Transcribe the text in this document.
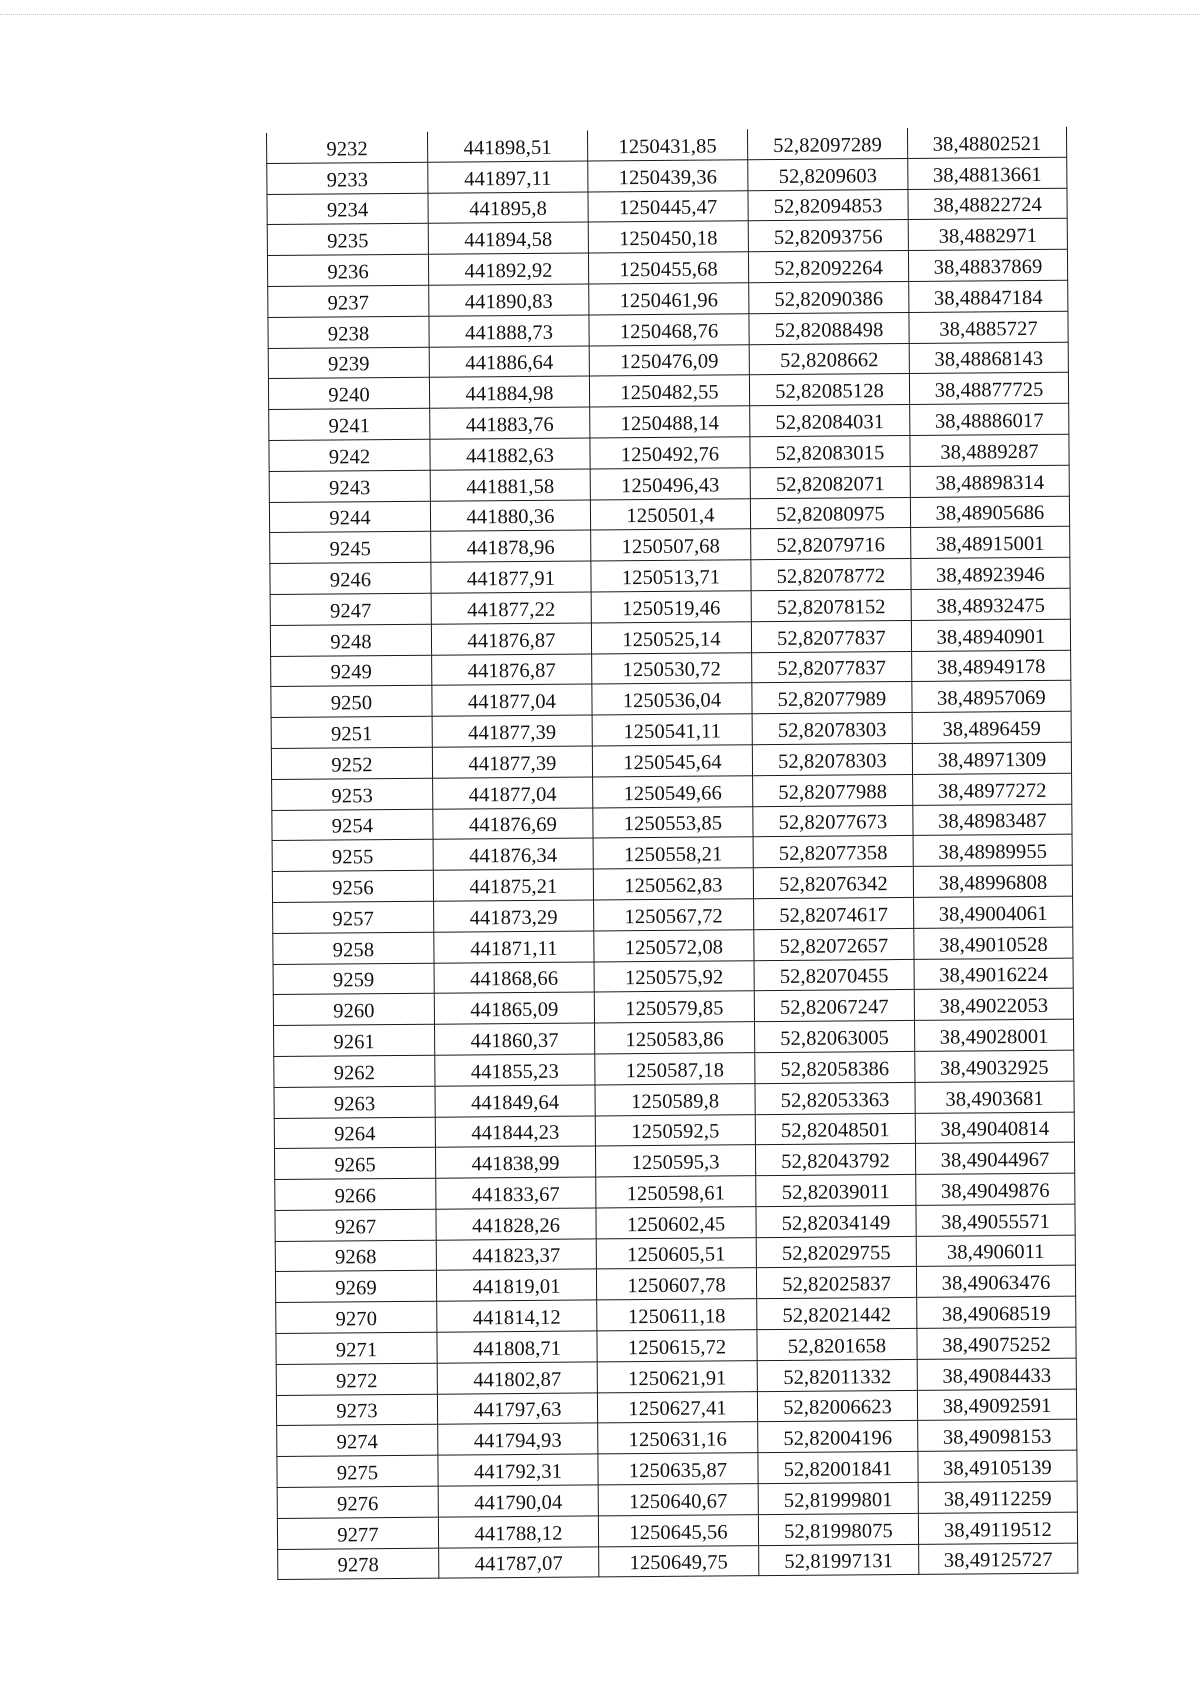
9232	441898,51	1250431,85	52,82097289	38,48802521
9233	441897,11	1250439,36	52,8209603	38,48813661
9234	441895,8	1250445,47	52,82094853	38,48822724
9235	441894,58	1250450,18	52,82093756	38,4882971
9236	441892,92	1250455,68	52,82092264	38,48837869
9237	441890,83	1250461,96	52,82090386	38,48847184
9238	441888,73	1250468,76	52,82088498	38,4885727
9239	441886,64	1250476,09	52,8208662	38,48868143
9240	441884,98	1250482,55	52,82085128	38,48877725
9241	441883,76	1250488,14	52,82084031	38,48886017
9242	441882,63	1250492,76	52,82083015	38,4889287
9243	441881,58	1250496,43	52,82082071	38,48898314
9244	441880,36	1250501,4	52,82080975	38,48905686
9245	441878,96	1250507,68	52,82079716	38,48915001
9246	441877,91	1250513,71	52,82078772	38,48923946
9247	441877,22	1250519,46	52,82078152	38,48932475
9248	441876,87	1250525,14	52,82077837	38,48940901
9249	441876,87	1250530,72	52,82077837	38,48949178
9250	441877,04	1250536,04	52,82077989	38,48957069
9251	441877,39	1250541,11	52,82078303	38,4896459
9252	441877,39	1250545,64	52,82078303	38,48971309
9253	441877,04	1250549,66	52,82077988	38,48977272
9254	441876,69	1250553,85	52,82077673	38,48983487
9255	441876,34	1250558,21	52,82077358	38,48989955
9256	441875,21	1250562,83	52,82076342	38,48996808
9257	441873,29	1250567,72	52,82074617	38,49004061
9258	441871,11	1250572,08	52,82072657	38,49010528
9259	441868,66	1250575,92	52,82070455	38,49016224
9260	441865,09	1250579,85	52,82067247	38,49022053
9261	441860,37	1250583,86	52,82063005	38,49028001
9262	441855,23	1250587,18	52,82058386	38,49032925
9263	441849,64	1250589,8	52,82053363	38,4903681
9264	441844,23	1250592,5	52,82048501	38,49040814
9265	441838,99	1250595,3	52,82043792	38,49044967
9266	441833,67	1250598,61	52,82039011	38,49049876
9267	441828,26	1250602,45	52,82034149	38,49055571
9268	441823,37	1250605,51	52,82029755	38,4906011
9269	441819,01	1250607,78	52,82025837	38,49063476
9270	441814,12	1250611,18	52,82021442	38,49068519
9271	441808,71	1250615,72	52,8201658	38,49075252
9272	441802,87	1250621,91	52,82011332	38,49084433
9273	441797,63	1250627,41	52,82006623	38,49092591
9274	441794,93	1250631,16	52,82004196	38,49098153
9275	441792,31	1250635,87	52,82001841	38,49105139
9276	441790,04	1250640,67	52,81999801	38,49112259
9277	441788,12	1250645,56	52,81998075	38,49119512
9278	441787,07	1250649,75	52,81997131	38,49125727
